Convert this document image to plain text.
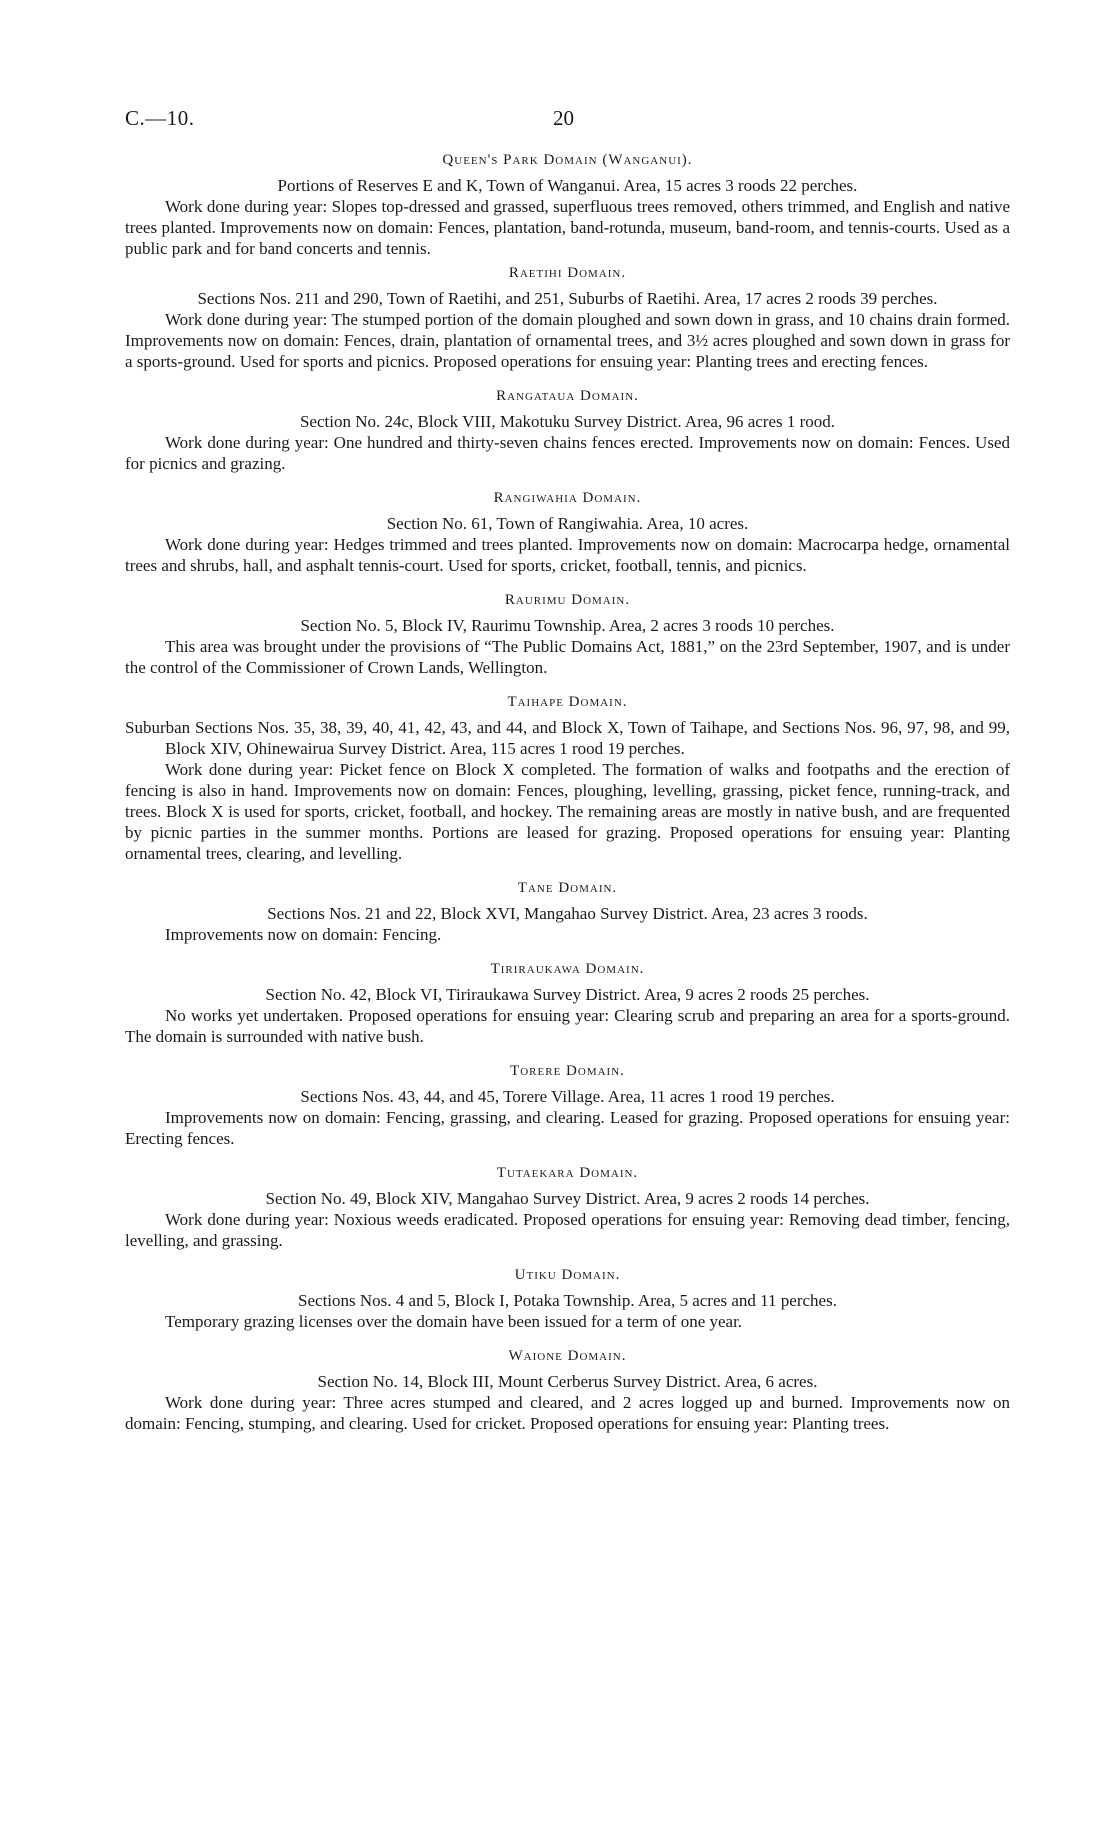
C.—10.	20

Queen's Park Domain (Wanganui).

Portions of Reserves E and K, Town of Wanganui. Area, 15 acres 3 roods 22 perches.

Work done during year: Slopes top-dressed and grassed, superfluous trees removed, others trimmed, and English and native trees planted. Improvements now on domain: Fences, plantation, band-rotunda, museum, band-room, and tennis-courts. Used as a public park and for band concerts and tennis.

Raetihi Domain.

Sections Nos. 211 and 290, Town of Raetihi, and 251, Suburbs of Raetihi. Area, 17 acres 2 roods 39 perches.

Work done during year: The stumped portion of the domain ploughed and sown down in grass, and 10 chains drain formed. Improvements now on domain: Fences, drain, plantation of ornamental trees, and 3½ acres ploughed and sown down in grass for a sports-ground. Used for sports and picnics. Proposed operations for ensuing year: Planting trees and erecting fences.

Rangataua Domain.

Section No. 24c, Block VIII, Makotuku Survey District. Area, 96 acres 1 rood.

Work done during year: One hundred and thirty-seven chains fences erected. Improvements now on domain: Fences. Used for picnics and grazing.

Rangiwahia Domain.

Section No. 61, Town of Rangiwahia. Area, 10 acres.

Work done during year: Hedges trimmed and trees planted. Improvements now on domain: Macrocarpa hedge, ornamental trees and shrubs, hall, and asphalt tennis-court. Used for sports, cricket, football, tennis, and picnics.

Raurimu Domain.

Section No. 5, Block IV, Raurimu Township. Area, 2 acres 3 roods 10 perches.

This area was brought under the provisions of “The Public Domains Act, 1881,” on the 23rd September, 1907, and is under the control of the Commissioner of Crown Lands, Wellington.

Taihape Domain.

Suburban Sections Nos. 35, 38, 39, 40, 41, 42, 43, and 44, and Block X, Town of Taihape, and Sections Nos. 96, 97, 98, and 99, Block XIV, Ohinewairua Survey District. Area, 115 acres 1 rood 19 perches.

Work done during year: Picket fence on Block X completed. The formation of walks and footpaths and the erection of fencing is also in hand. Improvements now on domain: Fences, ploughing, levelling, grassing, picket fence, running-track, and trees. Block X is used for sports, cricket, football, and hockey. The remaining areas are mostly in native bush, and are frequented by picnic parties in the summer months. Portions are leased for grazing. Proposed operations for ensuing year: Planting ornamental trees, clearing, and levelling.

Tane Domain.

Sections Nos. 21 and 22, Block XVI, Mangahao Survey District. Area, 23 acres 3 roods.

Improvements now on domain: Fencing.

Tiriraukawa Domain.

Section No. 42, Block VI, Tiriraukawa Survey District. Area, 9 acres 2 roods 25 perches.

No works yet undertaken. Proposed operations for ensuing year: Clearing scrub and preparing an area for a sports-ground. The domain is surrounded with native bush.

Torere Domain.

Sections Nos. 43, 44, and 45, Torere Village. Area, 11 acres 1 rood 19 perches.

Improvements now on domain: Fencing, grassing, and clearing. Leased for grazing. Proposed operations for ensuing year: Erecting fences.

Tutaekara Domain.

Section No. 49, Block XIV, Mangahao Survey District. Area, 9 acres 2 roods 14 perches.

Work done during year: Noxious weeds eradicated. Proposed operations for ensuing year: Removing dead timber, fencing, levelling, and grassing.

Utiku Domain.

Sections Nos. 4 and 5, Block I, Potaka Township. Area, 5 acres and 11 perches.

Temporary grazing licenses over the domain have been issued for a term of one year.

Waione Domain.

Section No. 14, Block III, Mount Cerberus Survey District. Area, 6 acres.

Work done during year: Three acres stumped and cleared, and 2 acres logged up and burned. Improvements now on domain: Fencing, stumping, and clearing. Used for cricket. Proposed operations for ensuing year: Planting trees.
